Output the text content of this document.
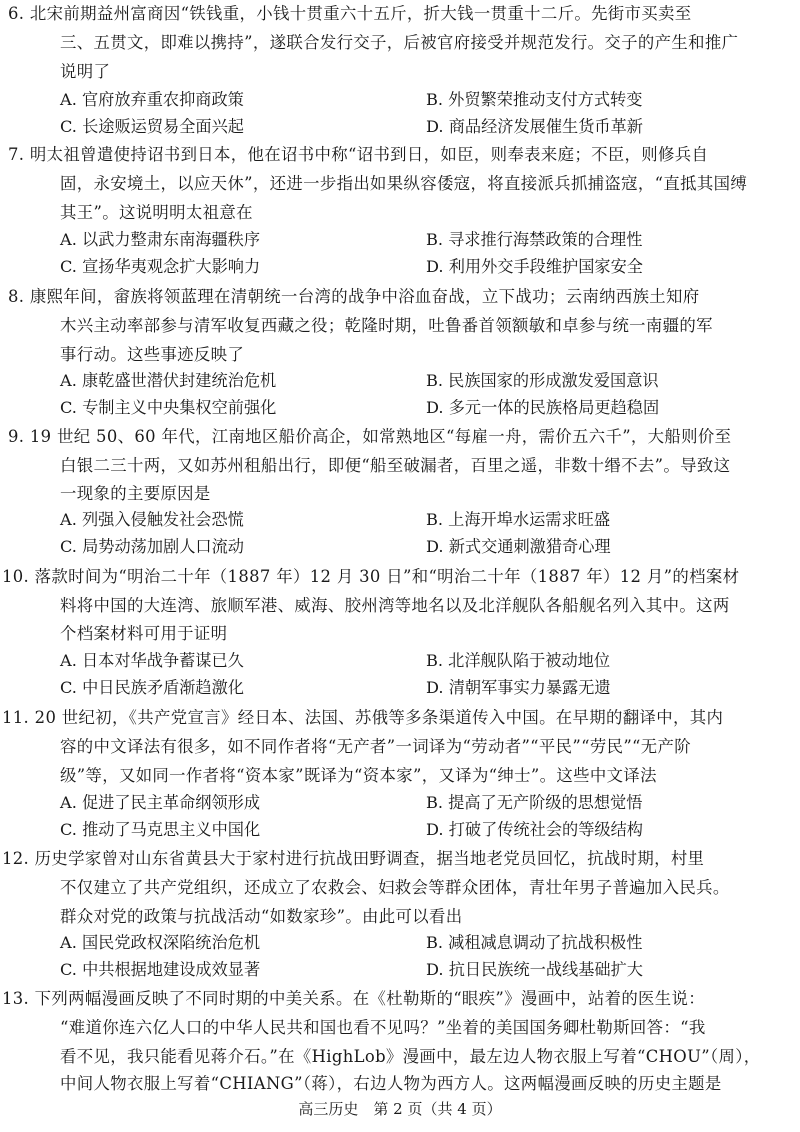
6. 北宋前期益州富商因“铁钱重，小钱十贯重六十五斤，折大钱一贯重十二斤。先街市买卖至
三、五贯文，即难以携持”，遂联合发行交子，后被官府接受并规范发行。交子的产生和推广
说明了
A. 官府放弃重农抑商政策	B. 外贸繁荣推动支付方式转变
C. 长途贩运贸易全面兴起	D. 商品经济发展催生货币革新
7. 明太祖曾遣使持诏书到日本，他在诏书中称“诏书到日，如臣，则奉表来庭；不臣，则修兵自
固，永安境土，以应天休”，还进一步指出如果纵容倭寇，将直接派兵抓捕盗寇，“直抵其国缚
其王”。这说明明太祖意在
A. 以武力整肃东南海疆秩序	B. 寻求推行海禁政策的合理性
C. 宣扬华夷观念扩大影响力	D. 利用外交手段维护国家安全
8. 康熙年间，畲族将领蓝理在清朝统一台湾的战争中浴血奋战，立下战功；云南纳西族土知府
木兴主动率部参与清军收复西藏之役；乾隆时期，吐鲁番首领额敏和卓参与统一南疆的军
事行动。这些事迹反映了
A. 康乾盛世潜伏封建统治危机	B. 民族国家的形成激发爱国意识
C. 专制主义中央集权空前强化	D. 多元一体的民族格局更趋稳固
9. 19 世纪 50、60 年代，江南地区船价高企，如常熟地区“每雇一舟，需价五六千”，大船则价至
白银二三十两，又如苏州租船出行，即便“船至破漏者，百里之遥，非数十缗不去”。导致这
一现象的主要原因是
A. 列强入侵触发社会恐慌	B. 上海开埠水运需求旺盛
C. 局势动荡加剧人口流动	D. 新式交通刺激猎奇心理
10. 落款时间为“明治二十年（1887 年）12 月 30 日”和“明治二十年（1887 年）12 月”的档案材
料将中国的大连湾、旅顺军港、威海、胶州湾等地名以及北洋舰队各船舰名列入其中。这两
个档案材料可用于证明
A. 日本对华战争蓄谋已久	B. 北洋舰队陷于被动地位
C. 中日民族矛盾渐趋激化	D. 清朝军事实力暴露无遗
11. 20 世纪初，《共产党宣言》经日本、法国、苏俄等多条渠道传入中国。在早期的翻译中，其内
容的中文译法有很多，如不同作者将“无产者”一词译为“劳动者”“平民”“劳民”“无产阶
级”等，又如同一作者将“资本家”既译为“资本家”，又译为“绅士”。这些中文译法
A. 促进了民主革命纲领形成	B. 提高了无产阶级的思想觉悟
C. 推动了马克思主义中国化	D. 打破了传统社会的等级结构
12. 历史学家曾对山东省黄县大于家村进行抗战田野调查，据当地老党员回忆，抗战时期，村里
不仅建立了共产党组织，还成立了农救会、妇救会等群众团体，青壮年男子普遍加入民兵。
群众对党的政策与抗战活动“如数家珍”。由此可以看出
A. 国民党政权深陷统治危机	B. 减租减息调动了抗战积极性
C. 中共根据地建设成效显著	D. 抗日民族统一战线基础扩大
13. 下列两幅漫画反映了不同时期的中美关系。在《杜勒斯的“眼疾”》漫画中，站着的医生说：
“难道你连六亿人口的中华人民共和国也看不见吗？”坐着的美国国务卿杜勒斯回答：“我
看不见，我只能看见蒋介石。”在《HighLob》漫画中，最左边人物衣服上写着“CHOU”（周），
中间人物衣服上写着“CHIANG”（蒋），右边人物为西方人。这两幅漫画反映的历史主题是
高三历史　第 2 页（共 4 页）
